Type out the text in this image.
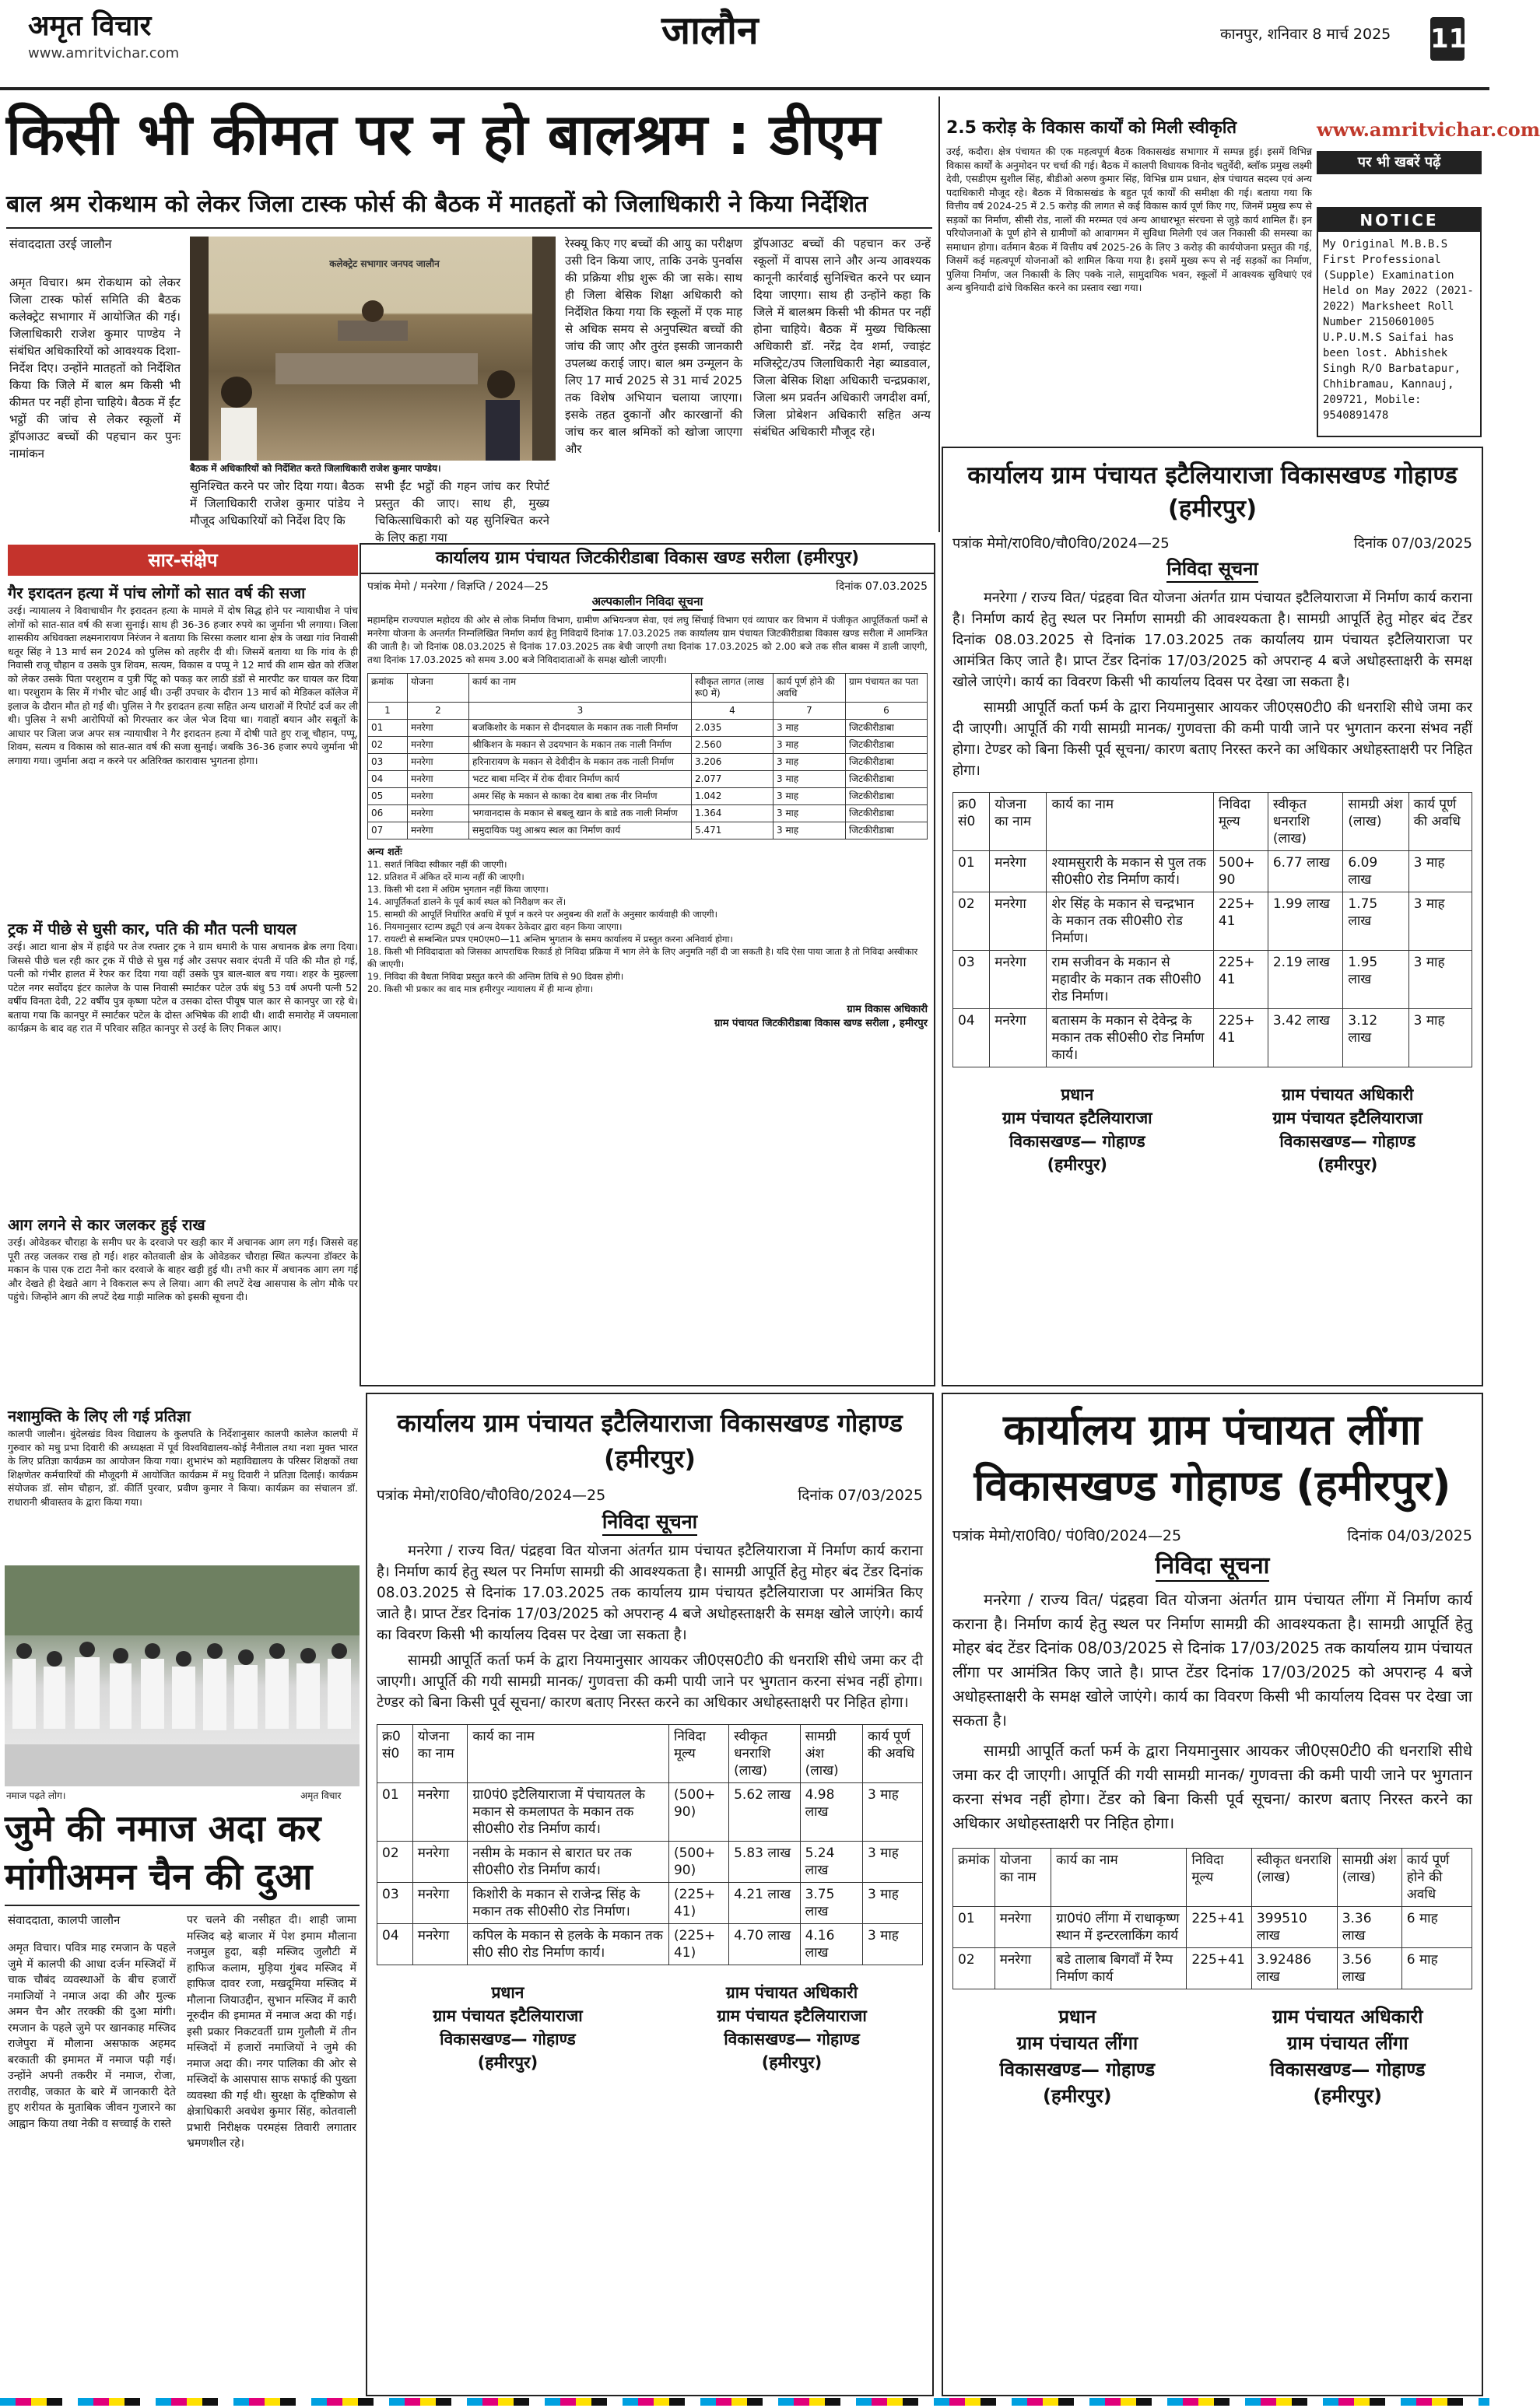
अमृत विचार
www.amritvichar.com
जालौन	कानपुर, शनिवार 8 मार्च 2025 11
किसी भी कीमत पर न हो बालश्रम : डीएम
बाल श्रम रोकथाम को लेकर जिला टास्क फोर्स की बैठक में मातहतों को जिलाधिकारी ने किया निर्देशित
संवाददाता उरई जालौन
अमृत विचार। श्रम रोकथाम को लेकर जिला टास्क फोर्स समिति की बैठक कलेक्ट्रेट सभागार में आयोजित की गई। जिलाधिकारी राजेश कुमार पाण्डेय ने संबंधित अधिकारियों को आवश्यक दिशा-निर्देश दिए। उन्होंने मातहतों को निर्देशित किया कि जिले में बाल श्रम किसी भी कीमत पर नहीं होना चाहिये। बैठक में ईंट भट्ठों की जांच से लेकर स्कूलों में ड्रॉपआउट बच्चों की पहचान कर पुनः नामांकन
कलेक्ट्रेट सभागार जनपद जालौन
बैठक में अधिकारियों को निर्देशित करते जिलाधिकारी राजेश कुमार पाण्डेय।
सुनिश्चित करने पर जोर दिया गया। बैठक में जिलाधिकारी राजेश कुमार पांडेय ने मौजूद अधिकारियों को निर्देश दिए कि
सभी ईंट भट्ठों की गहन जांच कर रिपोर्ट प्रस्तुत की जाए। साथ ही, मुख्य चिकित्साधिकारी को यह सुनिश्चित करने के लिए कहा गया
रेस्क्यू किए गए बच्चों की आयु का परीक्षण उसी दिन किया जाए, ताकि उनके पुनर्वास की प्रक्रिया शीघ्र शुरू की जा सके। साथ ही जिला बेसिक शिक्षा अधिकारी को निर्देशित किया गया कि स्कूलों में एक माह से अधिक समय से अनुपस्थित बच्चों की जांच की जाए और तुरंत इसकी जानकारी उपलब्ध कराई जाए। बाल श्रम उन्मूलन के लिए 17 मार्च 2025 से 31 मार्च 2025 तक विशेष अभियान चलाया जाएगा। इसके तहत दुकानों और कारखानों की जांच कर बाल श्रमिकों को खोजा जाएगा और
ड्रॉपआउट बच्चों की पहचान कर उन्हें स्कूलों में वापस लाने और अन्य आवश्यक कानूनी कार्रवाई सुनिश्चित करने पर ध्यान दिया जाएगा। साथ ही उन्होंने कहा कि जिले में बालश्रम किसी भी कीमत पर नहीं होना चाहिये। बैठक में मुख्य चिकित्सा अधिकारी डॉ. नरेंद्र देव शर्मा, ज्वाइंट मजिस्ट्रेट/उप जिलाधिकारी नेहा ब्याडवाल, जिला बेसिक शिक्षा अधिकारी चन्द्रप्रकाश, जिला श्रम प्रवर्तन अधिकारी जगदीश वर्मा, जिला प्रोबेशन अधिकारी सहित अन्य संबंधित अधिकारी मौजूद रहे।
सार-संक्षेप
गैर इरादतन हत्या में पांच लोगों को सात वर्ष की सजा
उरई। न्यायालय ने विवाचाधीन गैर इरादतन हत्या के मामले में दोष सिद्ध होने पर न्यायाधीश ने पांच लोगों को सात-सात वर्ष की सजा सुनाई। साथ ही 36-36 हजार रुपये का जुर्माना भी लगाया। जिला शासकीय अधिवक्ता लक्ष्मनारायण निरंजन ने बताया कि सिरसा कलार थाना क्षेत्र के जखा गांव निवासी धतूर सिंह ने 13 मार्च सन 2024 को पुलिस को तहरीर दी थी। जिसमें बताया था कि गांव के ही निवासी राजू चौहान व उसके पुत्र शिवम, सत्यम, विकास व पप्पू ने 12 मार्च की शाम खेत को रंजिश को लेकर उसके पिता परशुराम व पुत्री पिंटू को पकड़ कर लाठी डंडों से मारपीट कर घायल कर दिया था। परशुराम के सिर में गंभीर चोट आई थी। उन्हीं उपचार के दौरान 13 मार्च को मेडिकल कॉलेज में इलाज के दौरान मौत हो गई थी। पुलिस ने गैर इरादतन हत्या सहित अन्य धाराओं में रिपोर्ट दर्ज कर ली थी। पुलिस ने सभी आरोपियों को गिरफ्तार कर जेल भेज दिया था। गवाहों बयान और सबूतों के आधार पर जिला जज अपर सत्र न्यायाधीश ने गैर इरादतन हत्या में दोषी पाते हुए राजू चौहान, पप्पू, शिवम, सत्यम व विकास को सात-सात वर्ष की सजा सुनाई। जबकि 36-36 हजार रुपये जुर्माना भी लगाया गया। जुर्माना अदा न करने पर अतिरिक्त कारावास भुगतना होगा।
ट्रक में पीछे से घुसी कार, पति की मौत पत्नी घायल
उरई। आटा थाना क्षेत्र में हाईवे पर तेज रफ्तार ट्रक ने ग्राम धमारी के पास अचानक ब्रेक लगा दिया। जिससे पीछे चल रही कार ट्रक में पीछे से घुस गई और उसपर सवार दंपती में पति की मौत हो गई, पत्नी को गंभीर हालत में रेफर कर दिया गया वहीं उसके पुत्र बाल-बाल बच गया। शहर के मुहल्ला पटेल नगर सर्वोदय इंटर कालेज के पास निवासी स्मार्टकर पटेल उर्फ बंधु 53 वर्ष अपनी पत्नी 52 वर्षीय विनता देवी, 22 वर्षीय पुत्र कृष्णा पटेल व उसका दोस्त पीयूष पाल कार से कानपुर जा रहे थे। बताया गया कि कानपुर में स्मार्टकर पटेल के दोस्त अभिषेक की शादी थी। शादी समारोह में जयमाला कार्यक्रम के बाद वह रात में परिवार सहित कानपुर से उरई के लिए निकल आए।
आग लगने से कार जलकर हुई राख
उरई। ओवेडकर चौराहा के समीप घर के दरवाजे पर खड़ी कार में अचानक आग लग गई। जिससे वह पूरी तरह जलकर राख हो गई। शहर कोतवाली क्षेत्र के ओवेडकर चौराहा स्थित कल्पना डॉक्टर के मकान के पास एक टाटा नैनो कार दरवाजे के बाहर खड़ी हुई थी। तभी कार में अचानक आग लग गई और देखते ही देखते आग ने विकराल रूप ले लिया। आग की लपटें देख आसपास के लोग मौके पर पहुंचे। जिन्होंने आग की लपटें देख गाड़ी मालिक को इसकी सूचना दी।
नशामुक्ति के लिए ली गई प्रतिज्ञा
कालपी जालौन। बुंदेलखंड विश्व विद्यालय के कुलपति के निर्देशानुसार कालपी कालेज कालपी में गुरुवार को मधु प्रभा दिवारी की अध्यक्षता में पूर्व विश्वविद्यालय-कोई नैनीताल तथा नशा मुक्त भारत के लिए प्रतिज्ञा कार्यक्रम का आयोजन किया गया। शुभारंभ को महाविद्यालय के परिसर शिक्षकों तथा शिक्षणेतर कर्मचारियों की मौजूदगी में आयोजित कार्यक्रम में मधु दिवारी ने प्रतिज्ञा दिलाई। कार्यक्रम संयोजक डॉ. सोम चौहान, डॉ. कीर्ति पुरवार, प्रवीण कुमार ने किया। कार्यक्रम का संचालन डॉ. राधारानी श्रीवास्तव के द्वारा किया गया।
नमाज पढ़ते लोग।	अमृत विचार
जुमे की नमाज अदा कर मांगीअमन चैन की दुआ
संवाददाता, कालपी जालौन
अमृत विचार। पवित्र माह रमजान के पहले जुमे में कालपी की आधा दर्जन मस्जिदों में चाक चौबंद व्यवस्थाओं के बीच हजारों नमाजियों ने नमाज अदा की और मुल्क अमन चैन और तरक्की की दुआ मांगी। रमजान के पहले जुमे पर खानकाह मस्जिद राजेपुरा में मौलाना असफाक अहमद बरकाती की इमामत में नमाज पढ़ी गई। उन्होंने अपनी तकरीर में नमाज, रोजा, तरावीह, जकात के बारे में जानकारी देते हुए शरीयत के मुताबिक जीवन गुजारने का आह्वान किया तथा नेकी व सच्चाई के रास्ते
पर चलने की नसीहत दी। शाही जामा मस्जिद बड़े बाजार में पेश इमाम मौलाना नजमुल हुदा, बड़ी मस्जिद जुलौटी में हाफिज कलाम, मुड़िया गुंबद मस्जिद में हाफिज दावर रजा, मखदूमिया मस्जिद में मौलाना जियाउद्दीन, सुभान मस्जिद में कारी नूरुदीन की इमामत में नमाज अदा की गई। इसी प्रकार निकटवर्ती ग्राम गुलौली में तीन मस्जिदों में हजारों नमाजियों ने जुमे की नमाज अदा की। नगर पालिका की ओर से मस्जिदों के आसपास साफ सफाई की पुख्ता व्यवस्था की गई थी। सुरक्षा के दृष्टिकोण से क्षेत्राधिकारी अवधेश कुमार सिंह, कोतवाली प्रभारी निरीक्षक परमहंस तिवारी लगातार भ्रमणशील रहे।
2.5 करोड़ के विकास कार्यों को मिली स्वीकृति
उरई, कदौरा। क्षेत्र पंचायत की एक महत्वपूर्ण बैठक विकासखंड सभागार में सम्पन्न हुई। इसमें विभिन्न विकास कार्यों के अनुमोदन पर चर्चा की गई। बैठक में कालपी विधायक विनोद चतुर्वेदी, ब्लॉक प्रमुख लक्ष्मी देवी, एसडीएम सुशील सिंह, बीडीओ अरुण कुमार सिंह, विभिन्न ग्राम प्रधान, क्षेत्र पंचायत सदस्य एवं अन्य पदाधिकारी मौजूद रहे। बैठक में विकासखंड के बहुत पूर्व कार्यों की समीक्षा की गई। बताया गया कि वित्तीय वर्ष 2024-25 में 2.5 करोड़ की लागत से कई विकास कार्य पूर्ण किए गए, जिनमें प्रमुख रूप से सड़कों का निर्माण, सीसी रोड, नालों की मरम्मत एवं अन्य आधारभूत संरचना से जुड़े कार्य शामिल हैं। इन परियोजनाओं के पूर्ण होने से ग्रामीणों को आवागमन में सुविधा मिलेगी एवं जल निकासी की समस्या का समाधान होगा। वर्तमान बैठक में वित्तीय वर्ष 2025-26 के लिए 3 करोड़ की कार्ययोजना प्रस्तुत की गई, जिसमें कई महत्वपूर्ण योजनाओं को शामिल किया गया है। इसमें मुख्य रूप से नई सड़कों का निर्माण, पुलिया निर्माण, जल निकासी के लिए पक्के नाले, सामुदायिक भवन, स्कूलों में आवश्यक सुविधाएं एवं अन्य बुनियादी ढांचे विकसित करने का प्रस्ताव रखा गया।
www.amritvichar.com
पर भी खबरें पढ़ें
NOTICE
My Original M.B.B.S First Professional (Supple) Examination Held on May 2022 (2021-2022) Marksheet Roll Number 2150601005 U.P.U.M.S Saifai has been lost. Abhishek Singh R/O Barbatapur, Chhibramau, Kannauj, 209721, Mobile: 9540891478
कार्यालय ग्राम पंचायत जिटकीरीडाबा विकास खण्ड सरीला (हमीरपुर)
पत्रांक मेमो / मनरेगा / विज्ञप्ति / 2024—25	दिनांक 07.03.2025
अल्पकालीन निविदा सूचना
महामहिम राज्यपाल महोदय की ओर से लोक निर्माण विभाग, ग्रामीण अभियन्त्रण सेवा, एवं लघु सिंचाई विभाग एवं व्यापार कर विभाग में पंजीकृत आपूर्तिकर्ता फर्मों से मनरेगा योजना के अन्तर्गत निम्नलिखित निर्माण कार्य हेतु निविदायें दिनांक 17.03.2025 तक कार्यालय ग्राम पंचायत जिटकीरीडाबा विकास खण्ड सरीला में आमन्त्रित की जाती है। जो दिनांक 08.03.2025 से दिनांक 17.03.2025 तक बेची जाएगी तथा दिनांक 17.03.2025 को 2.00 बजे तक सील बाक्स में डाली जाएगी, तथा दिनांक 17.03.2025 को समय 3.00 बजे निविदादाताओं के समक्ष खोली जाएगी।
क्रमांक	योजना	कार्य का नाम	स्वीकृत लागत (लाख रू0 में)	कार्य पूर्ण होने की अवधि	ग्राम पंचायत का पता
1	2	3	4	7	6
01	मनरेगा	बजकिशोर के मकान से दीनदयाल के मकान तक नाली निर्माण	2.035	3 माह	जिटकीरीडाबा
02	मनरेगा	श्रीकिशन के मकान से उदयभान के मकान तक नाली निर्माण	2.560	3 माह	जिटकीरीडाबा
03	मनरेगा	हरिनारायण के मकान से देवीदीन के मकान तक नाली निर्माण	3.206	3 माह	जिटकीरीडाबा
04	मनरेगा	भटट बाबा मन्दिर में रोक दीवार निर्माण कार्य	2.077	3 माह	जिटकीरीडाबा
05	मनरेगा	अमर सिंह के मकान से काका देव बाबा तक नीर निर्माण	1.042	3 माह	जिटकीरीडाबा
06	मनरेगा	भगवानदास के मकान से बबलू खान के बाडे तक नाली निर्माण	1.364	3 माह	जिटकीरीडाबा
07	मनरेगा	समुदायिक पशु आश्रय स्थल का निर्माण कार्य	5.471	3 माह	जिटकीरीडाबा
अन्य शर्तेः
11. सशर्त निविदा स्वीकार नहीं की जाएगी।
12. प्रतिशत में अंकित दरें मान्य नहीं की जाएगी।
13. किसी भी दशा में अग्रिम भुगतान नहीं किया जाएगा।
14. आपूर्तिकर्ता डालने के पूर्व कार्य स्थल को निरीक्षण कर लें।
15. सामग्री की आपूर्ति निर्धारित अवधि में पूर्ण न करने पर अनुबन्ध की शर्तों के अनुसार कार्यवाही की जाएगी।
16. नियमानुसार स्टाम्प ड्यूटी एवं अन्य देयकर ठेकेदार द्वारा वहन किया जाएगा।
17. रायल्टी से सम्बन्धित प्रपत्र एम0एम0—11 अन्तिम भुगतान के समय कार्यालय में प्रस्तुत करना अनिवार्य होगा।
18. किसी भी निविदादाता को जिसका आपराधिक रिकार्ड हो निविदा प्रक्रिया में भाग लेने के लिए अनुमति नहीं दी जा सकती है। यदि ऐसा पाया जाता है तो निविदा अस्वीकार की जाएगी।
19. निविदा की वैधता निविदा प्रस्तुत करने की अन्तिम तिथि से 90 दिवस होगी।
20. किसी भी प्रकार का वाद मात्र हमीरपुर न्यायालय में ही मान्य होगा।
ग्राम विकास अधिकारी
ग्राम पंचायत जिटकीरीडाबा विकास खण्ड सरीला , हमीरपुर
कार्यालय ग्राम पंचायत इटैलियाराजा विकासखण्ड गोहाण्ड (हमीरपुर)
पत्रांक मेमो/रा0वि0/चौ0वि0/2024—25	दिनांक 07/03/2025
निविदा सूचना
मनरेगा / राज्य वित/ पंद्रहवा वित योजना अंतर्गत ग्राम पंचायत इटैलियाराजा में निर्माण कार्य कराना है। निर्माण कार्य हेतु स्थल पर निर्माण सामग्री की आवश्यकता है। सामग्री आपूर्ति हेतु मोहर बंद टेंडर दिनांक 08.03.2025 से दिनांक 17.03.2025 तक कार्यालय ग्राम पंचायत इटैलियाराजा पर आमंत्रित किए जाते है। प्राप्त टेंडर दिनांक 17/03/2025 को अपरान्ह 4 बजे अधोहस्ताक्षरी के समक्ष खोले जाएंगे। कार्य का विवरण किसी भी कार्यालय दिवस पर देखा जा सकता है।
सामग्री आपूर्ति कर्ता फर्म के द्वारा नियमानुसार आयकर जी0एस0टी0 की धनराशि सीधे जमा कर दी जाएगी। आपूर्ति की गयी सामग्री मानक/ गुणवत्ता की कमी पायी जाने पर भुगतान करना संभव नहीं होगा। टेण्डर को बिना किसी पूर्व सूचना/ कारण बताए निरस्त करने का अधिकार अधोहस्ताक्षरी पर निहित होगा।
क्र0 सं0	योजना का नाम	कार्य का नाम	निविदा मूल्य	स्वीकृत धनराशि (लाख)	सामग्री अंश (लाख)	कार्य पूर्ण की अवधि
01	मनरेगा	श्यामसुरारी के मकान से पुल तक सी0सी0 रोड निर्माण कार्य।	500+ 90	6.77 लाख	6.09 लाख	3 माह
02	मनरेगा	शेर सिंह के मकान से चन्द्रभान के मकान तक सी0सी0 रोड निर्माण।	225+ 41	1.99 लाख	1.75 लाख	3 माह
03	मनरेगा	राम सजीवन के मकान से महावीर के मकान तक सी0सी0 रोड निर्माण।	225+ 41	2.19 लाख	1.95 लाख	3 माह
04	मनरेगा	बतासम के मकान से देवेन्द्र के मकान तक सी0सी0 रोड निर्माण कार्य।	225+ 41	3.42 लाख	3.12 लाख	3 माह
प्रधान
ग्राम पंचायत इटैलियाराजा
विकासखण्ड— गोहाण्ड
(हमीरपुर)
ग्राम पंचायत अधिकारी
ग्राम पंचायत इटैलियाराजा
विकासखण्ड— गोहाण्ड
(हमीरपुर)
कार्यालय ग्राम पंचायत इटैलियाराजा विकासखण्ड गोहाण्ड (हमीरपुर)
पत्रांक मेमो/रा0वि0/चौ0वि0/2024—25	दिनांक 07/03/2025
निविदा सूचना
मनरेगा / राज्य वित/ पंद्रहवा वित योजना अंतर्गत ग्राम पंचायत इटैलियाराजा में निर्माण कार्य कराना है। निर्माण कार्य हेतु स्थल पर निर्माण सामग्री की आवश्यकता है। सामग्री आपूर्ति हेतु मोहर बंद टेंडर दिनांक 08.03.2025 से दिनांक 17.03.2025 तक कार्यालय ग्राम पंचायत इटैलियाराजा पर आमंत्रित किए जाते है। प्राप्त टेंडर दिनांक 17/03/2025 को अपरान्ह 4 बजे अधोहस्ताक्षरी के समक्ष खोले जाएंगे। कार्य का विवरण किसी भी कार्यालय दिवस पर देखा जा सकता है।
सामग्री आपूर्ति कर्ता फर्म के द्वारा नियमानुसार आयकर जी0एस0टी0 की धनराशि सीधे जमा कर दी जाएगी। आपूर्ति की गयी सामग्री मानक/ गुणवत्ता की कमी पायी जाने पर भुगतान करना संभव नहीं होगा। टेण्डर को बिना किसी पूर्व सूचना/ कारण बताए निरस्त करने का अधिकार अधोहस्ताक्षरी पर निहित होगा।
क्र0 सं0	योजना का नाम	कार्य का नाम	निविदा मूल्य	स्वीकृत धनराशि (लाख)	सामग्री अंश (लाख)	कार्य पूर्ण की अवधि
01	मनरेगा	ग्रा0पं0 इटैलियाराजा में पंचायतल के मकान से कमलापत के मकान तक सी0सी0 रोड निर्माण कार्य।	(500+ 90)	5.62 लाख	4.98 लाख	3 माह
02	मनरेगा	नसीम के मकान से बारात घर तक सी0सी0 रोड निर्माण कार्य।	(500+ 90)	5.83 लाख	5.24 लाख	3 माह
03	मनरेगा	किशोरी के मकान से राजेन्द्र सिंह के मकान तक सी0सी0 रोड निर्माण।	(225+ 41)	4.21 लाख	3.75 लाख	3 माह
04	मनरेगा	कपिल के मकान से हलके के मकान तक सी0 सी0 रोड निर्माण कार्य।	(225+ 41)	4.70 लाख	4.16 लाख	3 माह
प्रधान
ग्राम पंचायत इटैलियाराजा
विकासखण्ड— गोहाण्ड
(हमीरपुर)
ग्राम पंचायत अधिकारी
ग्राम पंचायत इटैलियाराजा
विकासखण्ड— गोहाण्ड
(हमीरपुर)
कार्यालय ग्राम पंचायत लींगा
विकासखण्ड गोहाण्ड (हमीरपुर)
पत्रांक मेमो/रा0वि0/ पं0वि0/2024—25	दिनांक 04/03/2025
निविदा सूचना
मनरेगा / राज्य वित/ पंद्रहवा वित योजना अंतर्गत ग्राम पंचायत लींगा में निर्माण कार्य कराना है। निर्माण कार्य हेतु स्थल पर निर्माण सामग्री की आवश्यकता है। सामग्री आपूर्ति हेतु मोहर बंद टेंडर दिनांक 08/03/2025 से दिनांक 17/03/2025 तक कार्यालय ग्राम पंचायत लींगा पर आमंत्रित किए जाते है। प्राप्त टेंडर दिनांक 17/03/2025 को अपरान्ह 4 बजे अधोहस्ताक्षरी के समक्ष खोले जाएंगे। कार्य का विवरण किसी भी कार्यालय दिवस पर देखा जा सकता है।
सामग्री आपूर्ति कर्ता फर्म के द्वारा नियमानुसार आयकर जी0एस0टी0 की धनराशि सीधे जमा कर दी जाएगी। आपूर्ति की गयी सामग्री मानक/ गुणवत्ता की कमी पायी जाने पर भुगतान करना संभव नहीं होगा। टेंडर को बिना किसी पूर्व सूचना/ कारण बताए निरस्त करने का अधिकार अधोहस्ताक्षरी पर निहित होगा।
क्रमांक	योजना का नाम	कार्य का नाम	निविदा मूल्य	स्वीकृत धनराशि (लाख)	सामग्री अंश (लाख)	कार्य पूर्ण होने की अवधि
01	मनरेगा	ग्रा0पं0 लींगा में राधाकृष्ण स्थान में इन्टरलाकिंग कार्य	225+41	399510 लाख	3.36 लाख	6 माह
02	मनरेगा	बडे तालाब बिगवाँ में रैम्प निर्माण कार्य	225+41	3.92486 लाख	3.56 लाख	6 माह
प्रधान
ग्राम पंचायत लींगा
विकासखण्ड— गोहाण्ड
(हमीरपुर)
ग्राम पंचायत अधिकारी
ग्राम पंचायत लींगा
विकासखण्ड— गोहाण्ड
(हमीरपुर)
